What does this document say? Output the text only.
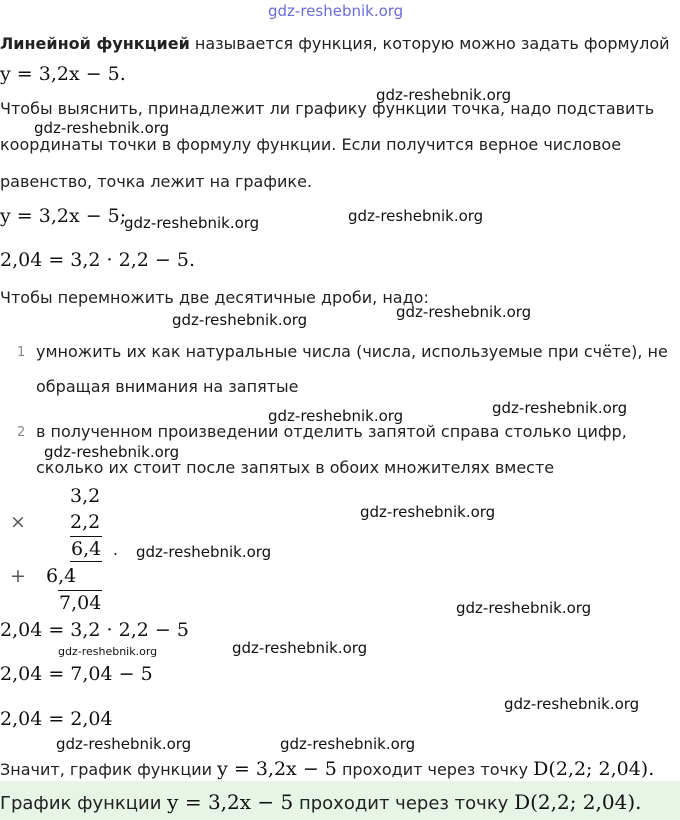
gdz-reshebnik.org
Линейной функцией называется функция, которую можно задать формулой
y = 3,2x − 5.
gdz-reshebnik.org
Чтобы выяснить, принадлежит ли графику функции точка, надо подставить
gdz-reshebnik.org
координаты точки в формулу функции. Если получится верное числовое
равенство, точка лежит на графике.
y = 3,2x − 5;
gdz-reshebnik.org	gdz-reshebnik.org
2,04 = 3,2 · 2,2 − 5.
Чтобы перемножить две десятичные дроби, надо:
gdz-reshebnik.org
gdz-reshebnik.org
1 умножить их как натуральные числа (числа, используемые при счёте), не
обращая внимания на запятые
gdz-reshebnik.org
gdz-reshebnik.org
2 в полученном произведении отделить запятой справа столько цифр,
gdz-reshebnik.org
сколько их стоит после запятых в обоих множителях вместе
3,2
× 2,2	gdz-reshebnik.org
6,4 . gdz-reshebnik.org
+ 6,4
7,04	gdz-reshebnik.org
2,04 = 3,2 · 2,2 − 5
gdz-reshebnik.org
gdz-reshebnik.org
2,04 = 7,04 − 5
gdz-reshebnik.org
2,04 = 2,04
gdz-reshebnik.org	gdz-reshebnik.org
Значит, график функции y = 3,2x − 5 проходит через точку D(2,2; 2,04).
График функции y = 3,2x − 5 проходит через точку D(2,2; 2,04).
